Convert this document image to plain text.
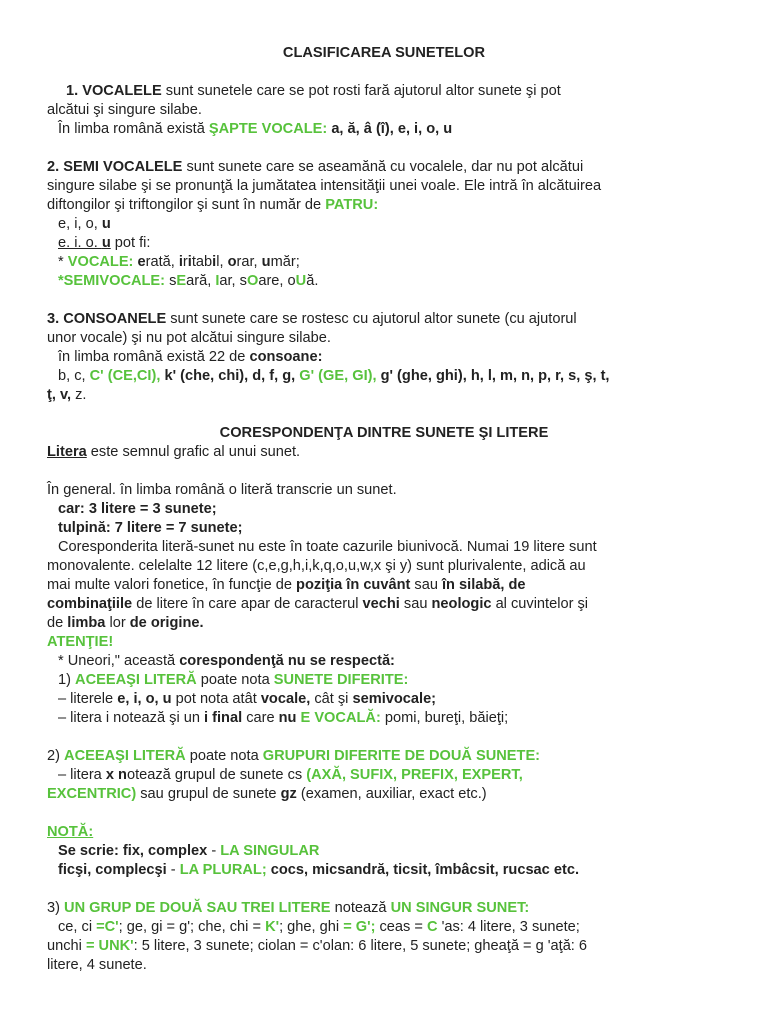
CLASIFICAREA SUNETELOR
1. VOCALELE sunt sunetele care se pot rosti fară ajutorul altor sunete şi pot
alcătui şi singure silabe.
În limba română există ŞAPTE VOCALE: a, ă, â (î), e, i, o, u
2. SEMI VOCALELE sunt sunete care se aseamănă cu vocalele, dar nu pot alcătui
singure silabe şi se pronunţă la jumătatea intensităţii unei voale. Ele intră în alcătuirea
diftongilor şi triftongilor şi sunt în număr de PATRU:
e, i, o, u
e. i. o. u pot fi:
* VOCALE: erată, iritabil, orar, umăr;
*SEMIVOCALE: sEară, Iar, sOare, oUă.
3. CONSOANELE sunt sunete care se rostesc cu ajutorul altor sunete (cu ajutorul
unor vocale) şi nu pot alcătui singure silabe.
în limba română există 22 de consoane:
b, c, C' (CE,CI), k' (che, chi), d, f, g, G' (GE, GI), g' (ghe, ghi), h, l, m, n, p, r, s, ş, t,
ţ, v, z.
CORESPONDENŢA DINTRE SUNETE ŞI LITERE
Litera este semnul grafic al unui sunet.
În general. în limba română o literă transcrie un sunet.
car: 3 litere = 3 sunete;
tulpină: 7 litere = 7 sunete;
Coresponderita literă-sunet nu este în toate cazurile biunivocă. Numai 19 litere sunt
monovalente. celelalte 12 litere (c,e,g,h,i,k,q,o,u,w,x şi y) sunt plurivalente, adică au
mai multe valori fonetice, în funcţie de poziţia în cuvânt sau în silabă, de
combinaţiile de litere în care apar de caracterul vechi sau neologic al cuvintelor şi
de limba lor de origine.
ATENŢIE!
* Uneori," această corespondenţă nu se respectă:
1) ACEEAŞI LITERĂ poate nota SUNETE DIFERITE:
– literele e, i, o, u pot nota atât vocale, cât şi semivocale;
– litera i notează şi un i final care nu E VOCALĂ: pomi, bureţi, băieţi;
2) ACEEAŞI LITERĂ poate nota GRUPURI DIFERITE DE DOUĂ SUNETE:
– litera x notează grupul de sunete cs (AXĂ, SUFIX, PREFIX, EXPERT,
EXCENTRIC) sau grupul de sunete gz (examen, auxiliar, exact etc.)
NOTĂ:
Se scrie: fix, complex - LA SINGULAR
ficşi, complecşi - LA PLURAL; cocs, micsandră, ticsit, îmbâcsit, rucsac etc.
3) UN GRUP DE DOUĂ SAU TREI LITERE notează UN SINGUR SUNET:
ce, ci =C'; ge, gi = g'; che, chi = K'; ghe, ghi = G'; ceas = C 'as: 4 litere, 3 sunete;
unchi = UNK': 5 litere, 3 sunete; ciolan = c'olan: 6 litere, 5 sunete; gheaţă = g 'aţă: 6
litere, 4 sunete.
